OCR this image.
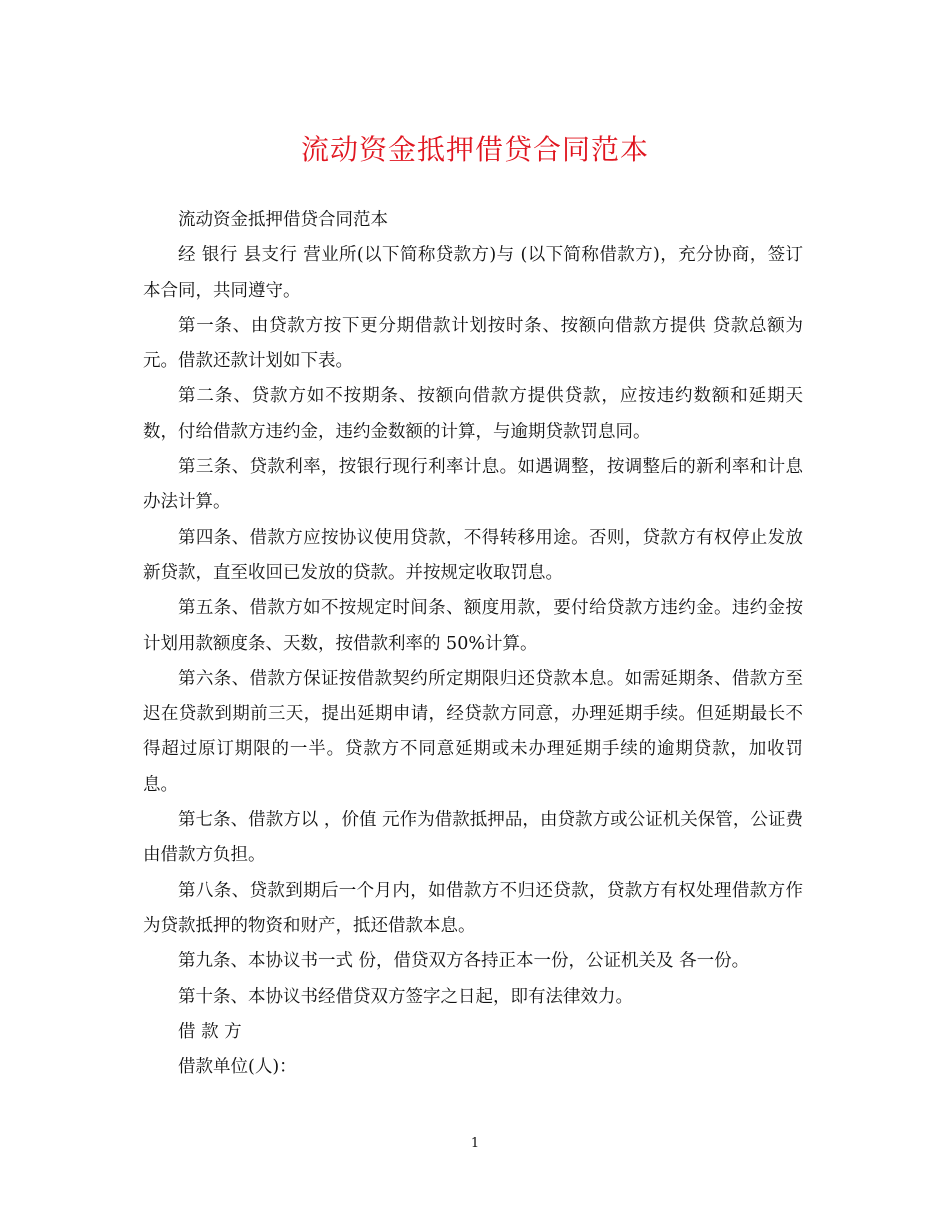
流动资金抵押借贷合同范本

流动资金抵押借贷合同范本

经 银行 县支行 营业所(以下简称贷款方)与 (以下简称借款方)，充分协商，签订本合同，共同遵守。

第一条、由贷款方按下更分期借款计划按时条、按额向借款方提供 贷款总额为 元。借款还款计划如下表。

第二条、贷款方如不按期条、按额向借款方提供贷款，应按违约数额和延期天数，付给借款方违约金，违约金数额的计算，与逾期贷款罚息同。

第三条、贷款利率，按银行现行利率计息。如遇调整，按调整后的新利率和计息办法计算。

第四条、借款方应按协议使用贷款，不得转移用途。否则，贷款方有权停止发放新贷款，直至收回已发放的贷款。并按规定收取罚息。

第五条、借款方如不按规定时间条、额度用款，要付给贷款方违约金。违约金按计划用款额度条、天数，按借款利率的 50%计算。

第六条、借款方保证按借款契约所定期限归还贷款本息。如需延期条、借款方至迟在贷款到期前三天，提出延期申请，经贷款方同意，办理延期手续。但延期最长不得超过原订期限的一半。贷款方不同意延期或未办理延期手续的逾期贷款，加收罚息。

第七条、借款方以 ，价值 元作为借款抵押品，由贷款方或公证机关保管，公证费由借款方负担。

第八条、贷款到期后一个月内，如借款方不归还贷款，贷款方有权处理借款方作为贷款抵押的物资和财产，抵还借款本息。

第九条、本协议书一式 份，借贷双方各持正本一份，公证机关及 各一份。

第十条、本协议书经借贷双方签字之日起，即有法律效力。

借 款 方

借款单位(人)：

1
